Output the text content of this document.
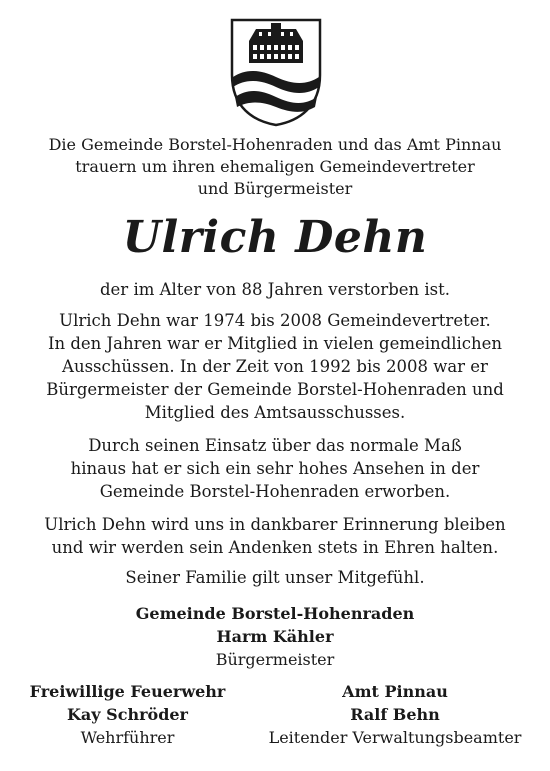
Die Gemeinde Borstel-Hohenraden und das Amt Pinnau
trauern um ihren ehemaligen Gemeindevertreter
und Bürgermeister
Ulrich Dehn
der im Alter von 88 Jahren verstorben ist.
Ulrich Dehn war 1974 bis 2008 Gemeindevertreter.
In den Jahren war er Mitglied in vielen gemeindlichen
Ausschüssen. In der Zeit von 1992 bis 2008 war er
Bürgermeister der Gemeinde Borstel-Hohenraden und
Mitglied des Amtsausschusses.
Durch seinen Einsatz über das normale Maß
hinaus hat er sich ein sehr hohes Ansehen in der
Gemeinde Borstel-Hohenraden erworben.
Ulrich Dehn wird uns in dankbarer Erinnerung bleiben
und wir werden sein Andenken stets in Ehren halten.
Seiner Familie gilt unser Mitgefühl.
Gemeinde Borstel-Hohenraden
Harm Kähler
Bürgermeister
Freiwillige Feuerwehr
Kay Schröder
Wehrführer
Amt Pinnau
Ralf Behn
Leitender Verwaltungsbeamter
